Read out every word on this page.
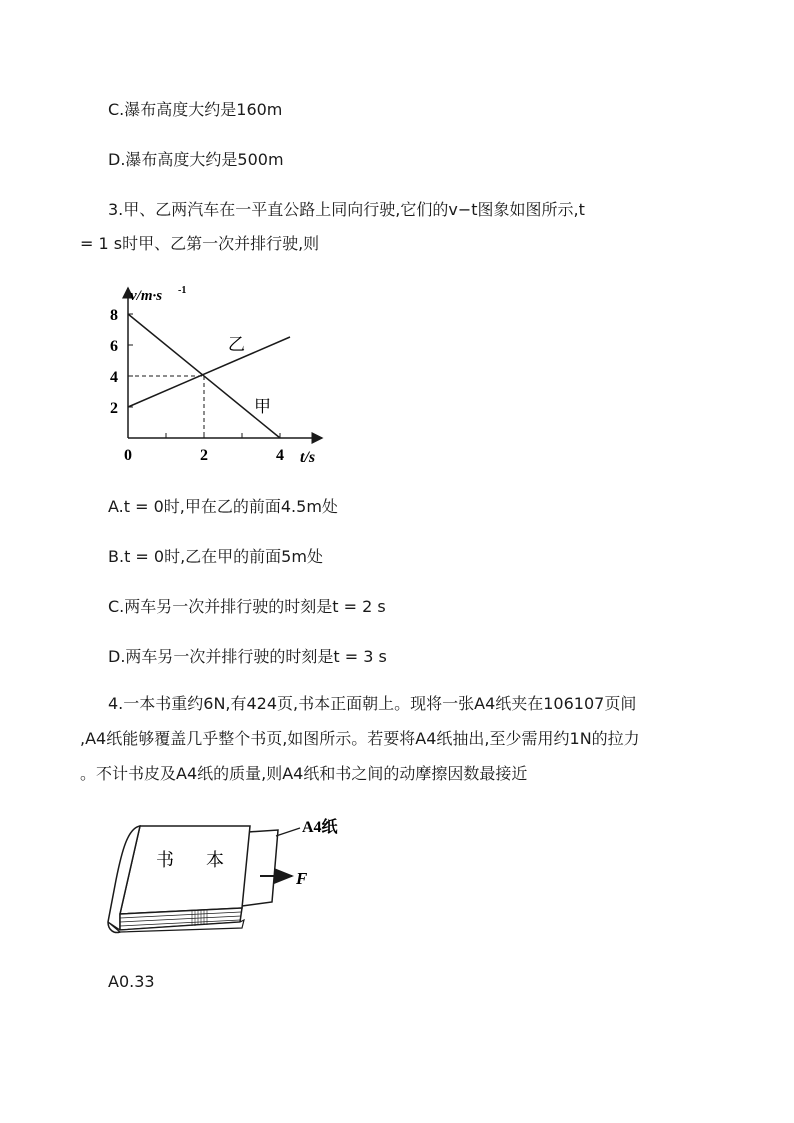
C.瀑布高度大约是160m
D.瀑布高度大约是500m
3.甲、乙两汽车在一平直公路上同向行驶,它们的v−t图象如图所示,t
= 1 s时甲、乙第一次并排行驶,则
v/m·s -1
8
6
4
2
0	2	4 t/s
乙
甲
A.t = 0时,甲在乙的前面4.5m处
B.t = 0时,乙在甲的前面5m处
C.两车另一次并排行驶的时刻是t = 2 s
D.两车另一次并排行驶的时刻是t = 3 s
4.一本书重约6N,有424页,书本正面朝上。现将一张A4纸夹在106107页间
,A4纸能够覆盖几乎整个书页,如图所示。若要将A4纸抽出,至少需用约1N的拉力
。不计书皮及A4纸的质量,则A4纸和书之间的动摩擦因数最接近
书 本
A4纸
F
A0.33
